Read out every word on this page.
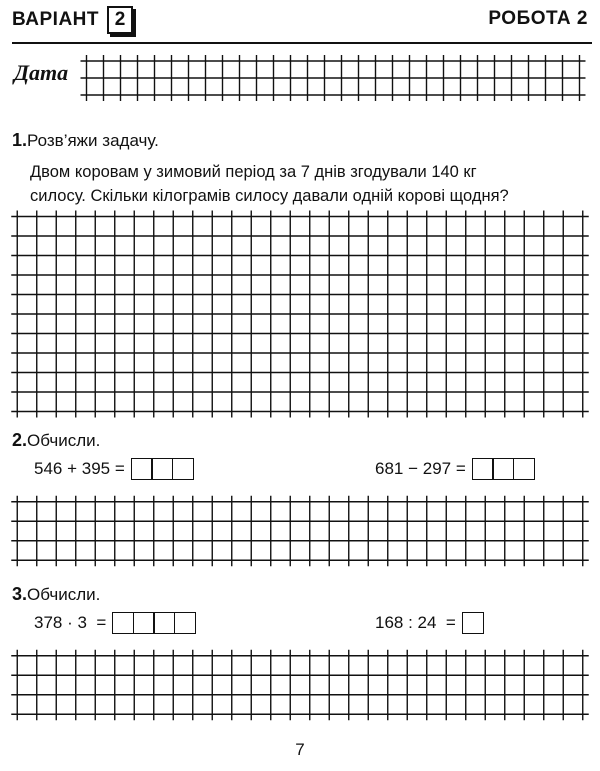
ВАРІАНТ 2	РОБОТА 2
Дата
1.Розв’яжи задачу.
Двом коровам у зимовий період за 7 днів згодували 140 кг
силосу. Скільки кілограмів силосу давали одній корові щодня?
2.Обчисли.
546 + 395 =	681 − 297 =
3.Обчисли.
378 · 3  =	168 : 24  =
7
